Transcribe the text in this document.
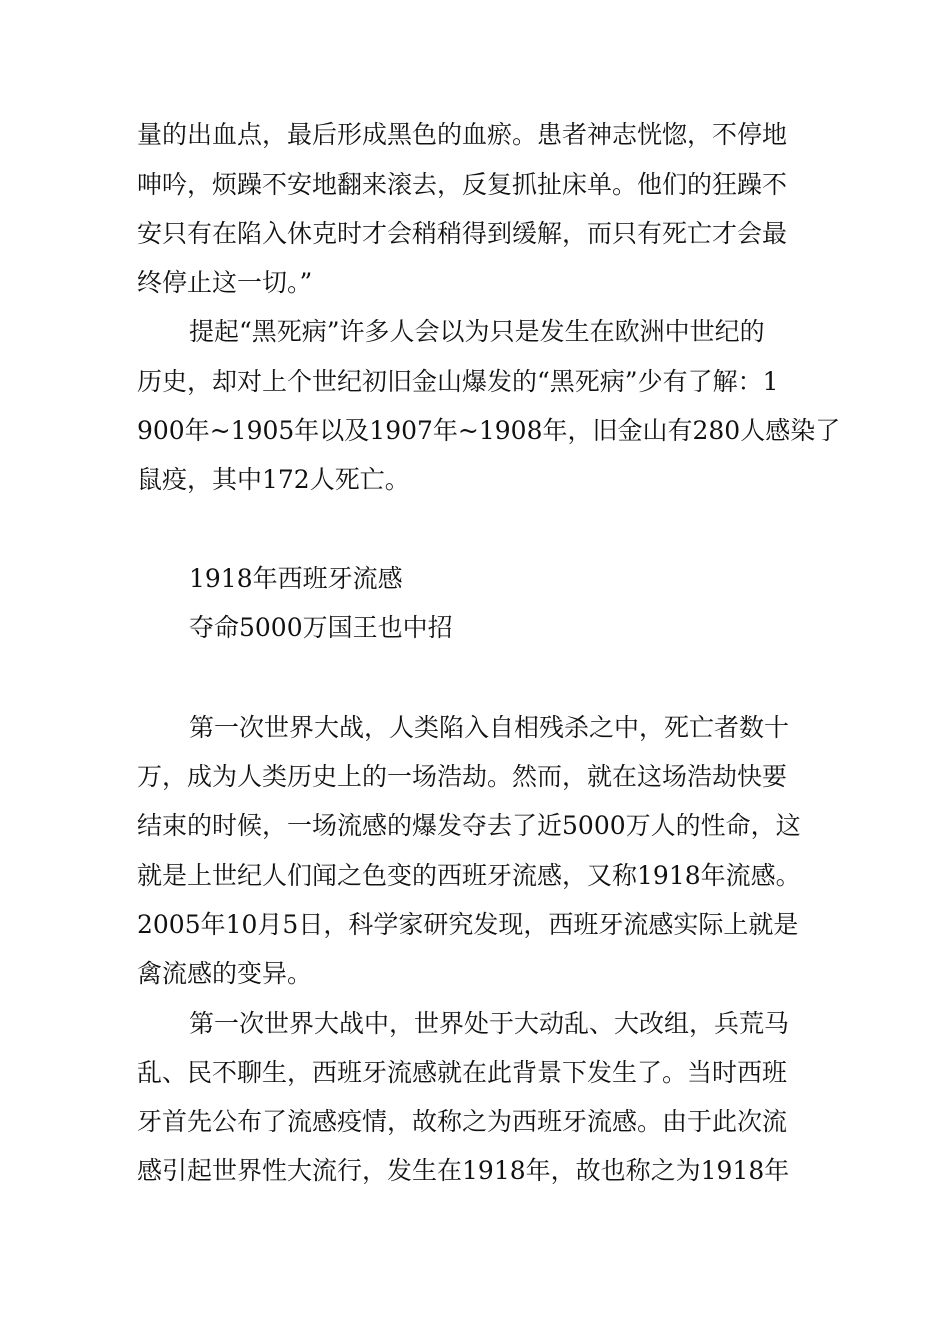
量的出血点，最后形成黑色的血瘀。患者神志恍惚，不停地
呻吟，烦躁不安地翻来滚去，反复抓扯床单。他们的狂躁不
安只有在陷入休克时才会稍稍得到缓解，而只有死亡才会最
终停止这一切。”
提起“黑死病”许多人会以为只是发生在欧洲中世纪的
历史，却对上个世纪初旧金山爆发的“黑死病”少有了解：1
900年~1905年以及1907年~1908年，旧金山有280人感染了
鼠疫，其中172人死亡。
1918年西班牙流感
夺命5000万国王也中招
第一次世界大战，人类陷入自相残杀之中，死亡者数十
万，成为人类历史上的一场浩劫。然而，就在这场浩劫快要
结束的时候，一场流感的爆发夺去了近5000万人的性命，这
就是上世纪人们闻之色变的西班牙流感，又称1918年流感。
2005年10月5日，科学家研究发现，西班牙流感实际上就是
禽流感的变异。
第一次世界大战中，世界处于大动乱、大改组，兵荒马
乱、民不聊生，西班牙流感就在此背景下发生了。当时西班
牙首先公布了流感疫情，故称之为西班牙流感。由于此次流
感引起世界性大流行，发生在1918年，故也称之为1918年
